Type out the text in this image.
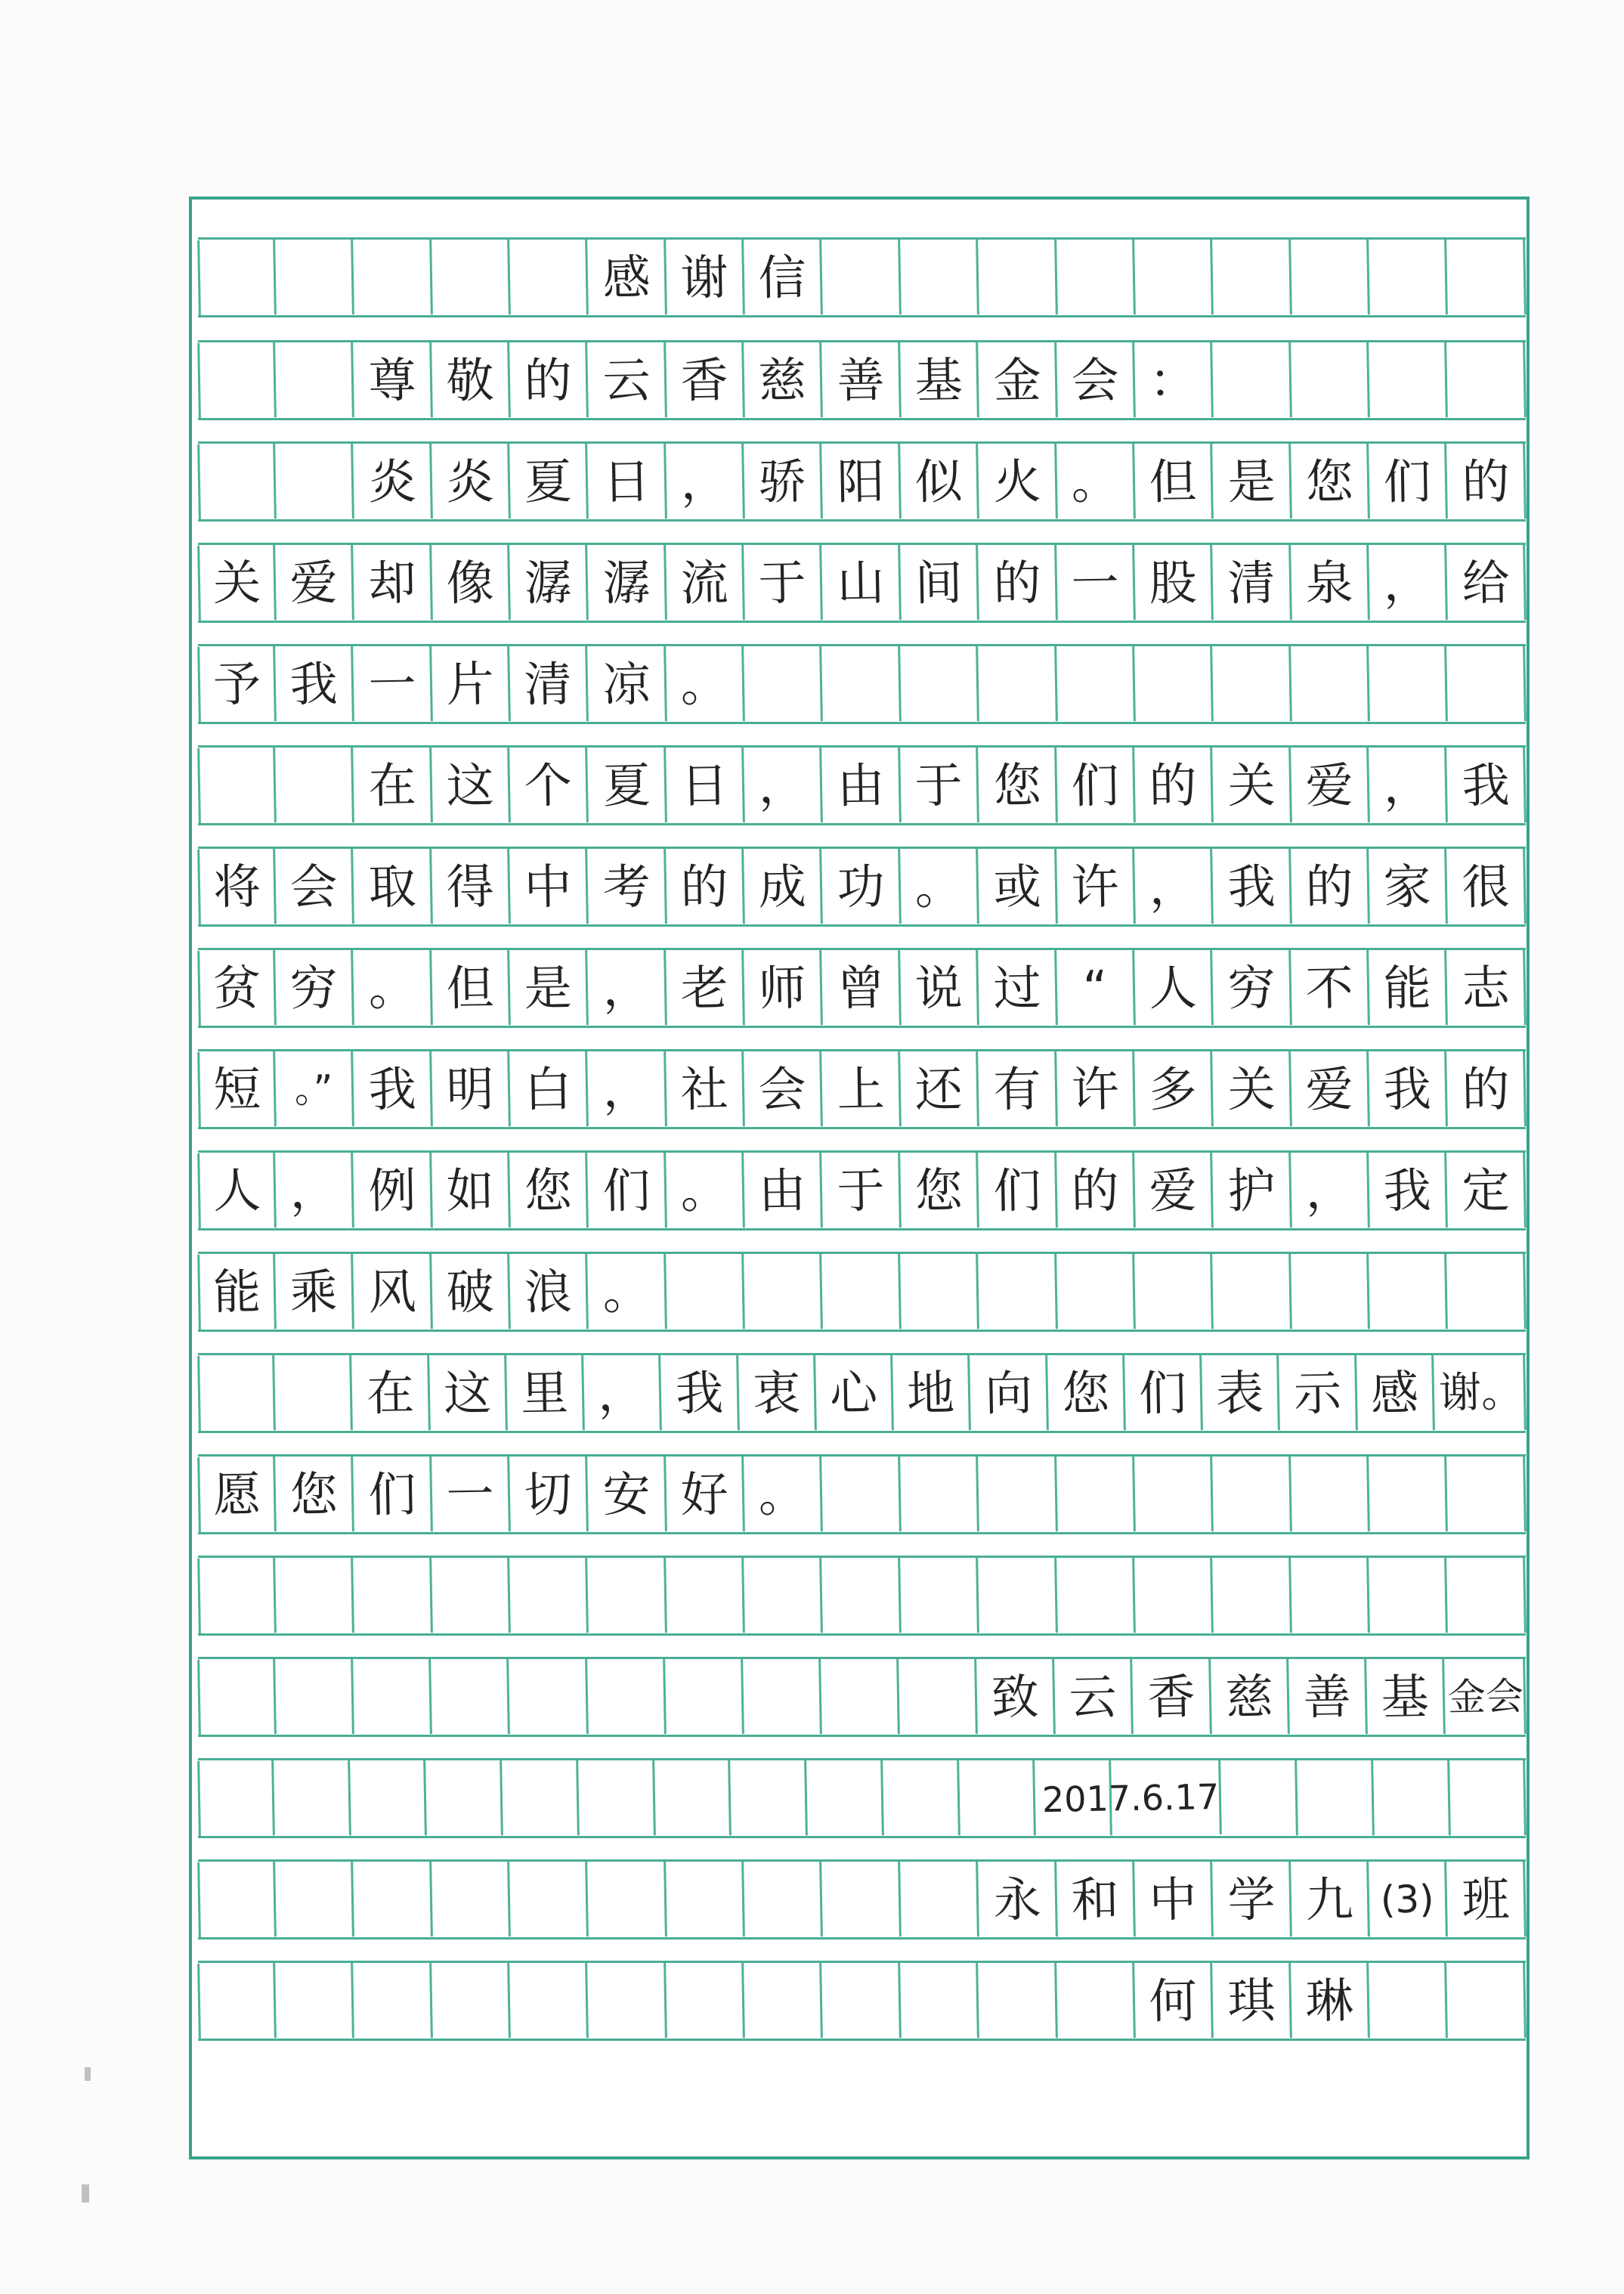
感 谢 信
尊 敬 的 云 香 慈 善 基 金 会 ：
炎 炎 夏 日 ， 骄 阳 似 火 。 但 是 您 们 的
关 爱 却 像 潺 潺 流 于 山 间 的 一 股 清 泉 ， 给
予 我 一 片 清 凉 。
在 这 个 夏 日 ， 由 于 您 们 的 关 爱 ， 我
将 会 取 得 中 考 的 成 功 。 或 许 ， 我 的 家 很
贫 穷 。 但 是 ， 老 师 曾 说 过 “ 人 穷 不 能 志
短 。” 我 明 白 ， 社 会 上 还 有 许 多 关 爱 我 的
人 ， 例 如 您 们 。 由 于 您 们 的 爱 护 ， 我 定
能 乘 风 破 浪 。
在 这 里 ， 我 衷 心 地 向 您 们 表 示 感 谢。
愿 您 们 一 切 安 好 。
致 云 香 慈 善 基 金会
2017.6.17
永 和 中 学 九 (3) 班
何 琪 琳
